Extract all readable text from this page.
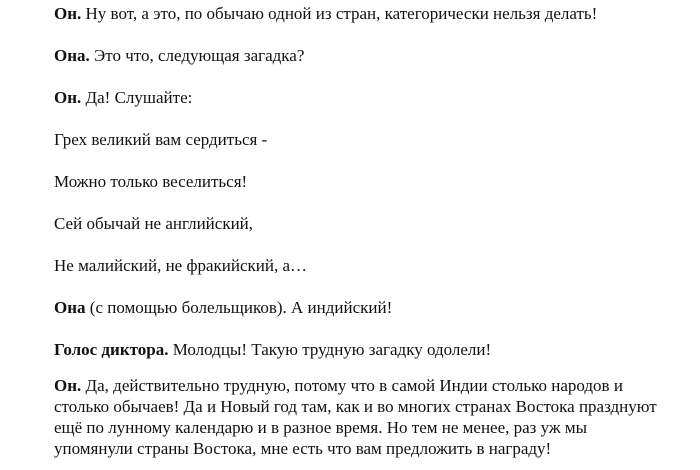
Он. Ну вот, а это, по обычаю одной из стран, категорически нельзя делать!

Она. Это что, следующая загадка?

Он. Да! Слушайте:

Грех великий вам сердиться -

Можно только веселиться!

Сей обычай не английский,

Не малийский, не фракийский, а…

Она (с помощью болельщиков). А индийский!

Голос диктора. Молодцы! Такую трудную загадку одолели!

Он. Да, действительно трудную, потому что в самой Индии столько народов и столько обычаев! Да и Новый год там, как и во многих странах Востока празднуют ещё по лунному календарю и в разное время. Но тем не менее, раз уж мы упомянули страны Востока, мне есть что вам предложить в награду!
